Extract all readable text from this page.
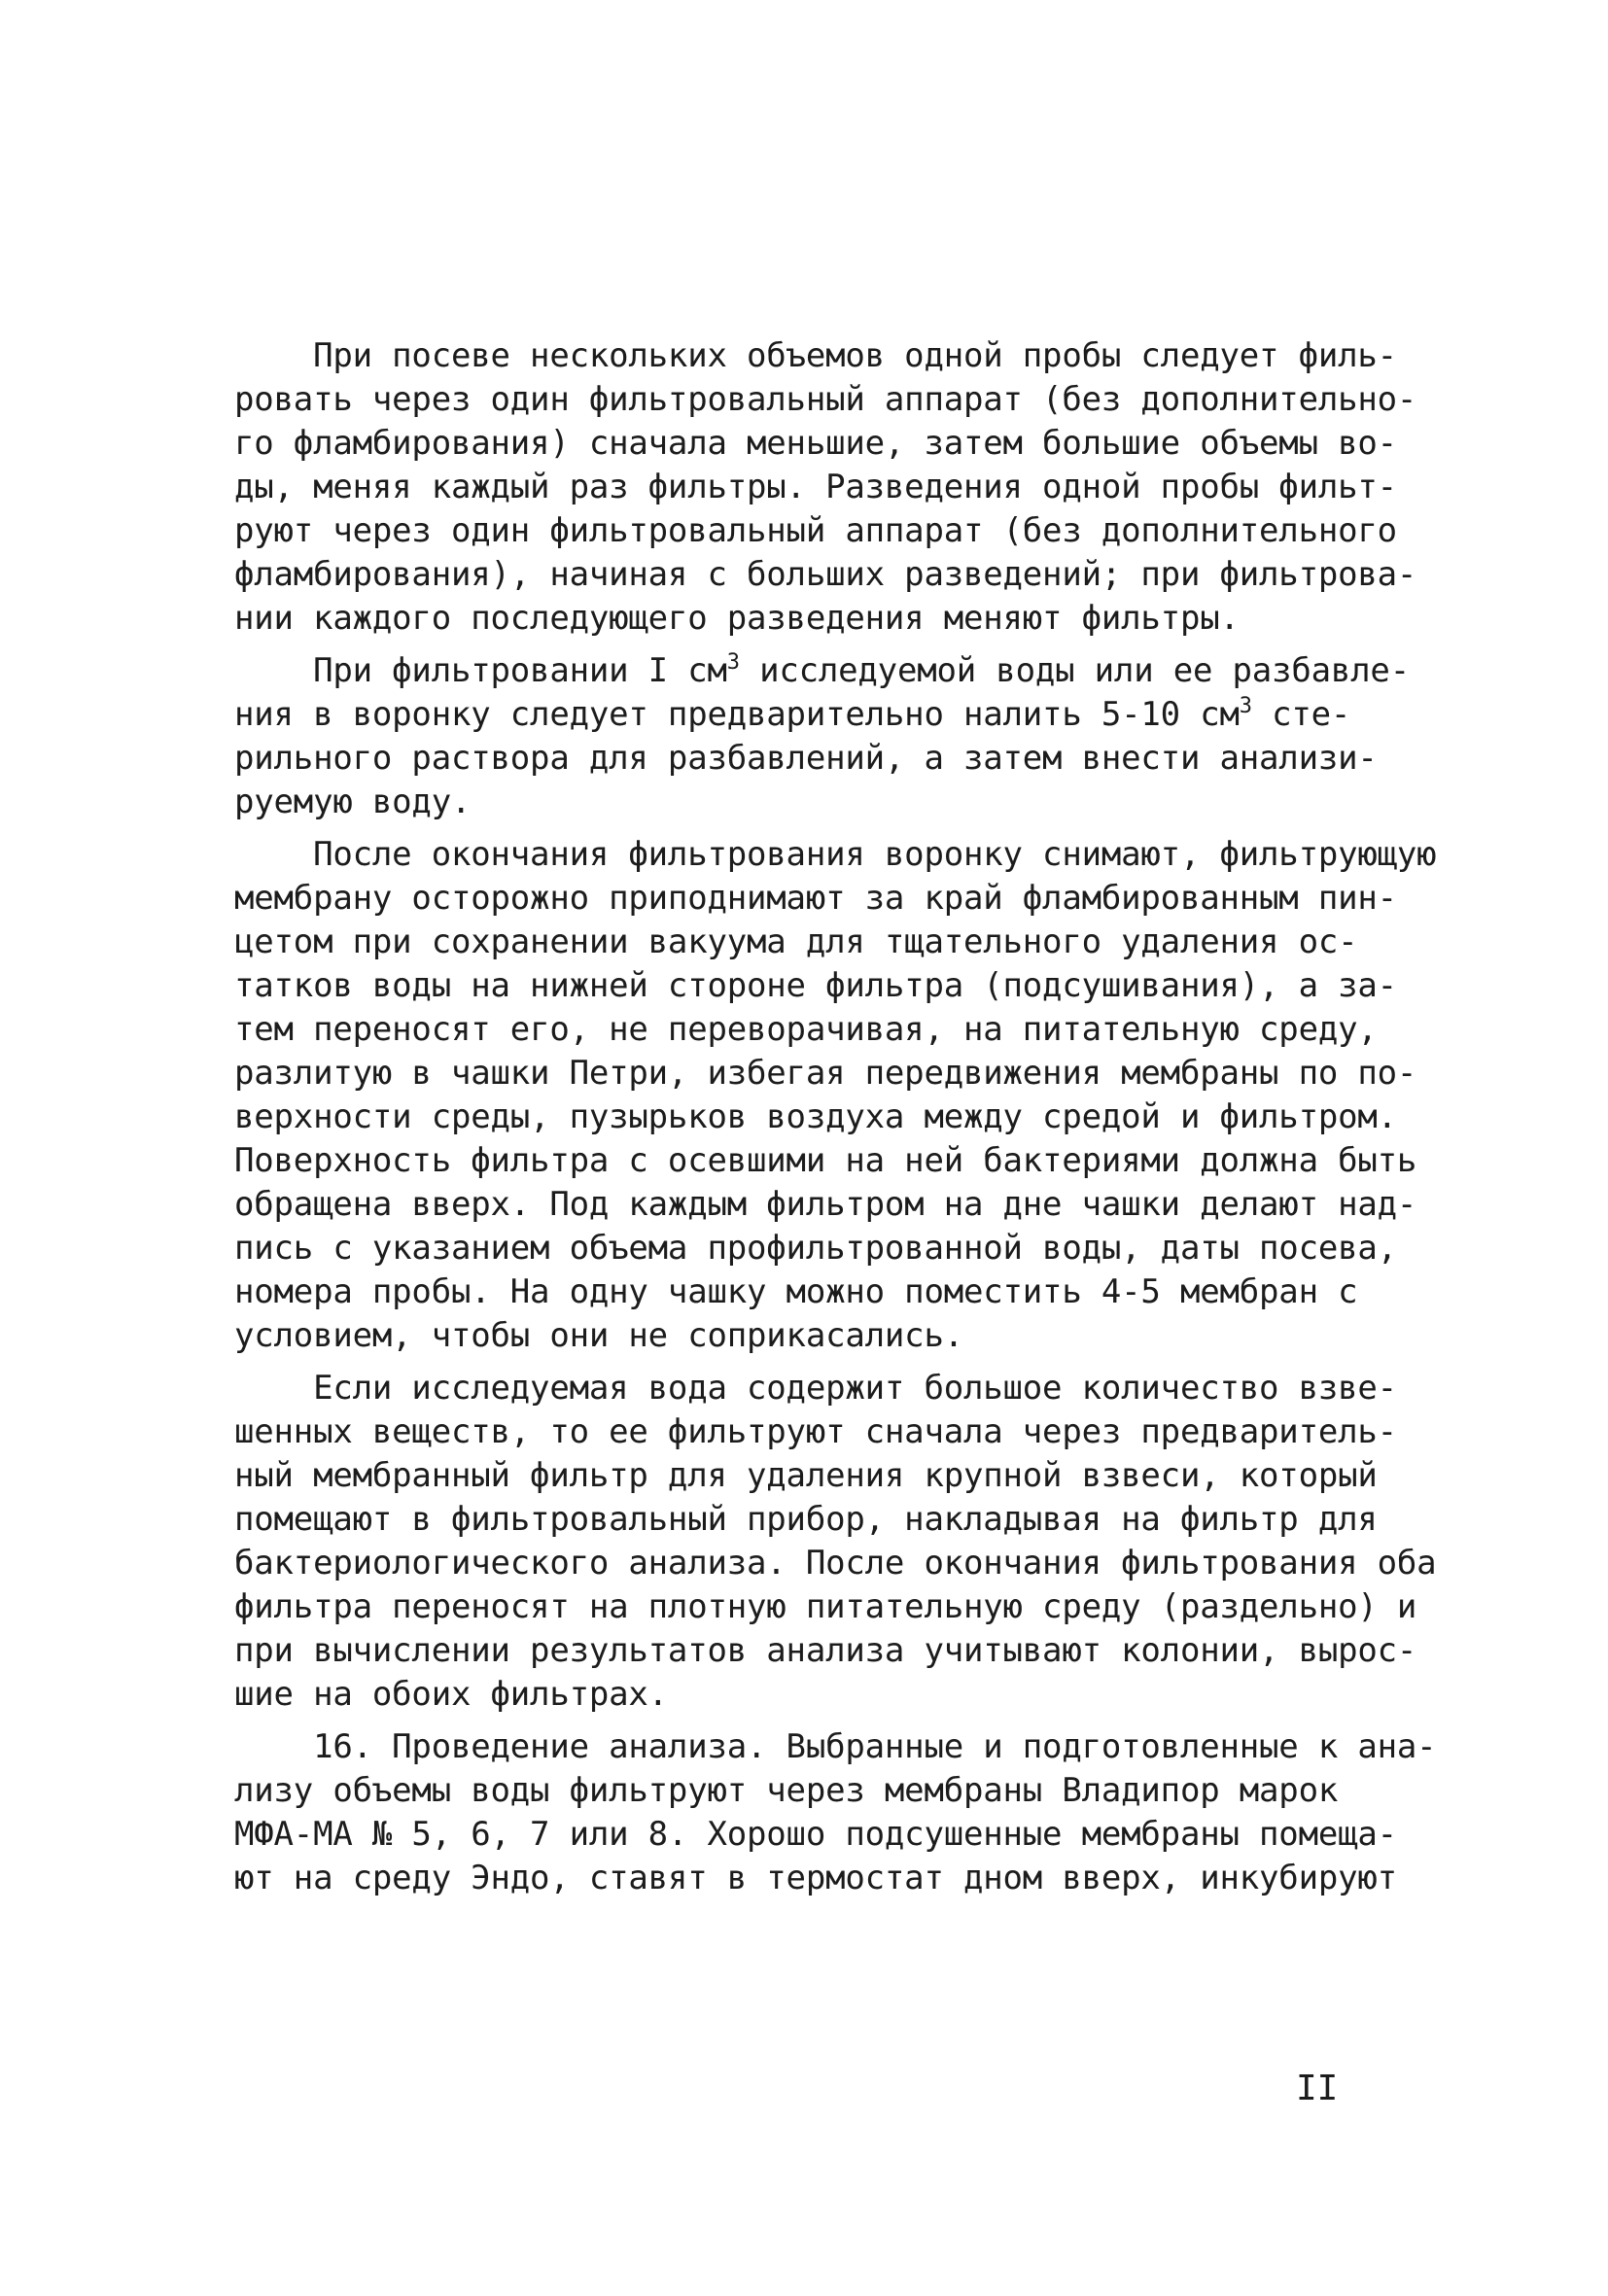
При посеве нескольких объемов одной пробы следует филь-
ровать через один фильтровальный аппарат (без дополнительно-
го фламбирования) сначала меньшие, затем большие объемы во-
ды, меняя каждый раз фильтры. Разведения одной пробы фильт-
руют через один фильтровальный аппарат (без дополнительного
фламбирования), начиная с больших разведений; при фильтрова-
нии каждого последующего разведения меняют фильтры.
При фильтровании I $см^3$ исследуемой воды или ее разбавле-
ния в воронку следует предварительно налить 5-10 $см^3$ сте-
рильного раствора для разбавлений, а затем внести анализи-
руемую воду.
После окончания фильтрования воронку снимают, фильтрующую
мембрану осторожно приподнимают за край фламбированным пин-
цетом при сохранении вакуума для тщательного удаления ос-
татков воды на нижней стороне фильтра (подсушивания), а за-
тем переносят его, не переворачивая, на питательную среду,
разлитую в чашки Петри, избегая передвижения мембраны по по-
верхности среды, пузырьков воздуха между средой и фильтром.
Поверхность фильтра с осевшими на ней бактериями должна быть
обращена вверх. Под каждым фильтром на дне чашки делают над-
пись с указанием объема профильтрованной воды, даты посева,
номера пробы. На одну чашку можно поместить 4-5 мембран с
условием, чтобы они не соприкасались.
Если исследуемая вода содержит большое количество взве-
шенных веществ, то ее фильтруют сначала через предваритель-
ный мембранный фильтр для удаления крупной взвеси, который
помещают в фильтровальный прибор, накладывая на фильтр для
бактериологического анализа. После окончания фильтрования оба
фильтра переносят на плотную питательную среду (раздельно) и
при вычислении результатов анализа учитывают колонии, вырос-
шие на обоих фильтрах.
16. Проведение анализа. Выбранные и подготовленные к ана-
лизу объемы воды фильтруют через мембраны Владипор марок
МФА-МА № 5, 6, 7 или 8. Хорошо подсушенные мембраны помеща-
ют на среду Эндо, ставят в термостат дном вверх, инкубируют
II
